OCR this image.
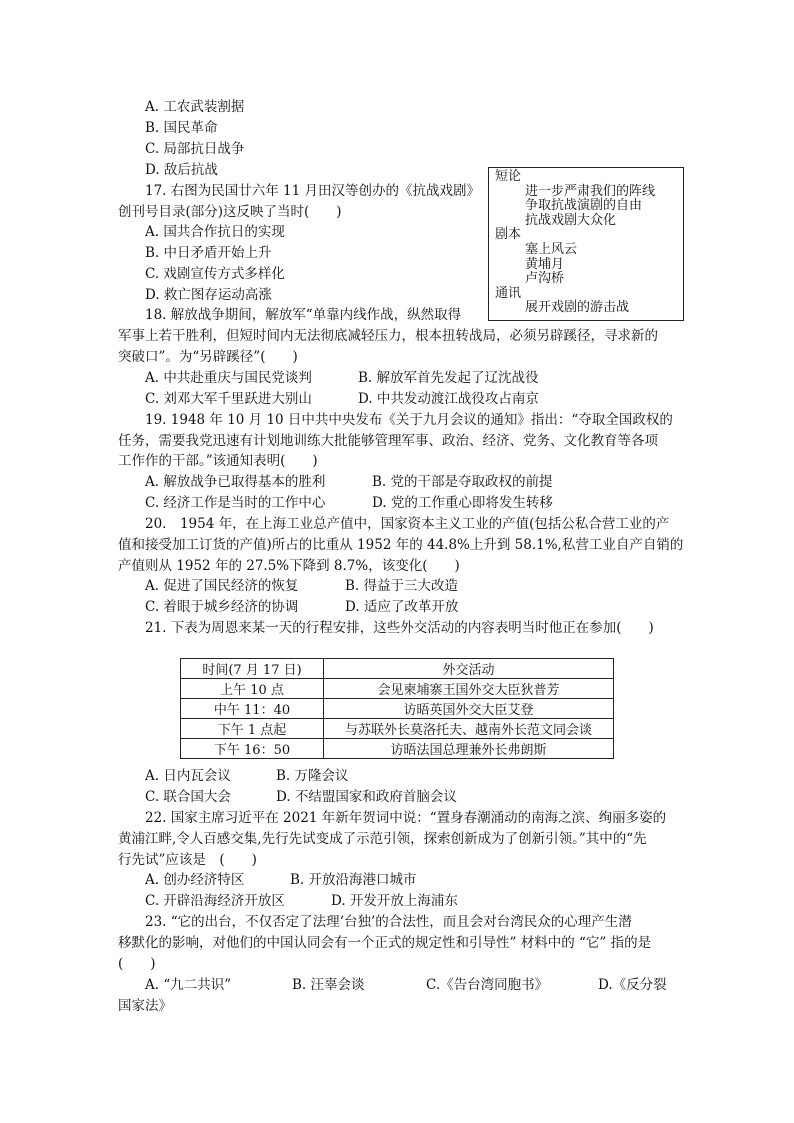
A. 工农武装割据
B. 国民革命
C. 局部抗日战争
D. 敌后抗战
17. 右图为民国廿六年 11 月田汉等创办的《抗战戏剧》
创刊号目录(部分)这反映了当时(　　)
A. 国共合作抗日的实现
B. 中日矛盾开始上升
C. 戏剧宣传方式多样化
D. 救亡图存运动高涨
短论
进一步严肃我们的阵线
争取抗战演剧的自由
抗战戏剧大众化
剧本
塞上风云
黄埔月
卢沟桥
通讯
展开戏剧的游击战
18. 解放战争期间，解放军“单靠内线作战，纵然取得
军事上若干胜利，但短时间内无法彻底减轻压力，根本扭转战局，必须另辟蹊径，寻求新的
突破口”。为“另辟蹊径”(　　)
A. 中共赴重庆与国民党谈判	B. 解放军首先发起了辽沈战役
C. 刘邓大军千里跃进大别山	D. 中共发动渡江战役攻占南京
19. 1948 年 10 月 10 日中共中央发布《关于九月会议的通知》指出：“夺取全国政权的
任务，需要我党迅速有计划地训练大批能够管理军事、政治、经济、党务、文化教育等各项
工作作的干部。”该通知表明(　　)
A. 解放战争已取得基本的胜利	B. 党的干部是夺取政权的前提
C. 经济工作是当时的工作中心	D. 党的工作重心即将发生转移
20.　1954 年，在上海工业总产值中，国家资本主义工业的产值(包括公私合营工业的产
值和接受加工订货的产值)所占的比重从 1952 年的 44.8%上升到 58.1%,私营工业自产自销的
产值则从 1952 年的 27.5%下降到 8.7%，该变化(　　)
A. 促进了国民经济的恢复	B. 得益于三大改造
C. 着眼于城乡经济的协调	D. 适应了改革开放
21. 下表为周恩来某一天的行程安排，这些外交活动的内容表明当时他正在参加(　　)
时间(7 月 17 日)	外交活动
上午 10 点	会见柬埔寨王国外交大臣狄普芳
中午 11：40	访晤英国外交大臣艾登
下午 1 点起	与苏联外长莫洛托夫、越南外长范文同会谈
下午 16：50	访晤法国总理兼外长弗朗斯
A. 日内瓦会议	B. 万隆会议
C. 联合国大会	D. 不结盟国家和政府首脑会议
22. 国家主席习近平在 2021 年新年贺词中说：“置身春潮涌动的南海之滨、绚丽多姿的
黄浦江畔,令人百感交集,先行先试变成了示范引领，探索创新成为了创新引领。”其中的“先
行先试”应该是　(　　)
A. 创办经济特区	B. 开放沿海港口城市
C. 开辟沿海经济开放区	D. 开发开放上海浦东
23. “它的出台，不仅否定了法理‘台独’的合法性，而且会对台湾民众的心理产生潜
移默化的影响，对他们的中国认同会有一个正式的规定性和引导性” 材料中的 “它” 指的是
(　　)
A. “九二共识”	B. 汪辜会谈	C.《告台湾同胞书》	D.《反分裂
国家法》
